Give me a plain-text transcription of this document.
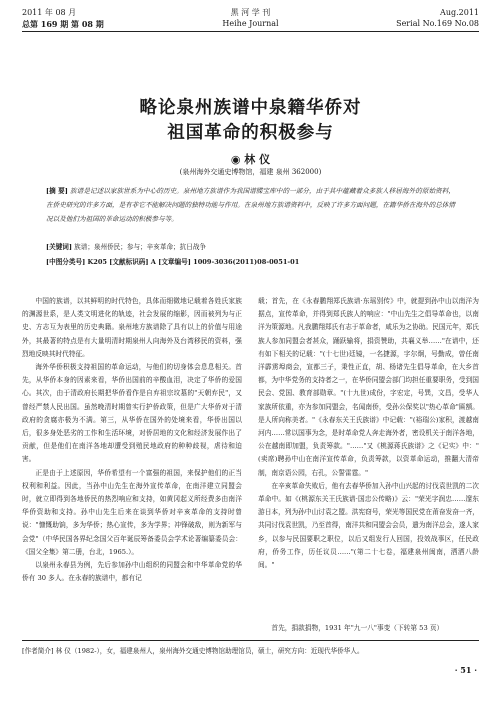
2011 年 08 月
总第 169 期 第 08 期
黑 河 学 刊
Heihe Journal
Aug.2011
Serial No.169 No.08
略论泉州族谱中泉籍华侨对
祖国革命的积极参与
◉ 林 仪
(泉州海外交通史博物馆，福建 泉州 362000)
[摘 要] 族谱是记述以家族世系为中心的历史。泉州地方族谱作为我国谱牒宝库中的一部分，由于其中蕴藏着众多族人移居海外的原始资料，在侨史研究的许多方面，是有非它不能解决问题的独特功能与作用。在泉州地方族谱资料中，反映了许多方面问题，在籍华侨在海外的总体情况以及他们为祖国的革命运动的积极参与等。
[关键词] 族谱；泉州侨民；参与；辛亥革命；抗日战争
[中图分类号] K205 [文献标识码] A [文章编号] 1009-3036(2011)08-0051-01

中国的族谱，以其鲜明的时代特色，具体而细微地记载着各姓氏家族的渊源世系，是人类文明进化的轨迹，社会发展的缩影，因而被列为与正史、方志互为表里的历史典籍。泉州地方族谱除了具有以上的价值与用途外，其最著的特点是有大量明清时期泉州人向海外及台湾移民的资料，强烈地反映其时代特征。

海外华侨积极支持祖国的革命运动，与他们的切身体会息息相关。首先，从华侨本身的因素来看，华侨出国前的辛酸血泪，决定了华侨的爱国心。其次，由于清政府长期把华侨看作是自弃祖宗坟墓的"天朝弃民"，又曾经严禁人民出国。虽然晚清时期曾实行护侨政策，但是广大华侨对于清政府的贪腐亦极为不满。第三，从华侨在国外的处境来看，华侨出国以后，很多身处恶劣的工作和生活环境，对侨居地的文化和经济发展作出了贡献，但是他们在南洋各地却遭受到殖民地政府的种种歧视，虐待和迫害。

正是由于上述原因，华侨希望有一个富强的祖国，来保护他们的正当权利和利益。因此，当孙中山先生在海外宣传革命，在南洋建立同盟会时，就立即得到各地侨民的热烈响应和支持，如黄冈起义所经费多由南洋华侨资助和支持。孙中山先生后来在谈到华侨对辛亥革命的支持时曾说："慷慨助饷，多为华侨；热心宣传，多为学界；冲锋破敌，则为新军与会党"（中华民国各界纪念国父百年诞辰筹备委员会学术论著编纂委员会：《国父全集》第二册，台北，1965.）。

以泉州永春县为例，先后参加孙中山组织的同盟会和中华革命党的华侨有 30 多人。在永春的族谱中，都有记

载；首先，在《永春鹏翔郑氏族谱·东瑶别传》中，就提到孙中山以南洋为据点，宣传革命，并得到郑氏族人的响应："中山先生之倡导革命也，以南洋为策源地。凡我鹏翔郑氏有志于革命者，咸乐为之协助。民国元年，郑氏族人参加同盟会者甚众，踊跃输将，捐资赞助，共襄义举……"在谱中，还有如下相关的记载："(十七世)廷镜，一名捷源，字尔炯，号勤成，曾任南洋霹雳埠商会，宣都三子，秉性正直，胡、杨诸先生倡导革命，在大乡首都，为中华党务的支持者之一，在华侨同盟会部门均担任重要职务，受到国民会、党国、教育部勋章。"(十九世)成份，字宏定，号巽，文昌，受华人家族所依重，亦为参加同盟会，名闻南侨，受孙公保奖以"热心革命"匾额。是人所向称美者。"《永春东关王氏族谱》中记载："(裕瑞公)家积，渡越南河内……常以国事为念，是时革命党人奔走海外者，密设机关于南洋各地，公在越南即加盟，负责筹款。"……"又《桃源蒋氏族谱》之《记实》中："(卖席)聘孙中山在南洋宣传革命，负责筹款，以资革命运动，推翻大清帝制，南京语公园，右孔，公誓雷霆。"

在辛亥革命失败后，他有去春华侨加入孙中山兴起的讨伐袁世凯的二次革命中。如《(桃源东关王氏族谱·国忠公传略)》云："荣光字润忠……邃东游日本，列为孙中山讨袁之盟。洪宪窃号，荣光等国民党在莆奋发奋一齐，共同讨伐袁世凯，乃至首得，南洋共和同盟会会员，遣为南洋总会，遂人家乡，以参与民国要职之职位，以后又组发行人回国，投效战事区，任民政府，侨务工作，历任议员……"(第二十七卷，福建泉州闽南，洒洒八龄间。"

首先，捐款捐物，1931 年"九一八"事变（下转第 53 页）
[作者简介] 林 仪（1982-），女，福建泉州人，泉州海外交通史博物馆助理馆员，硕士，研究方向：近现代华侨华人。
· 51 ·
